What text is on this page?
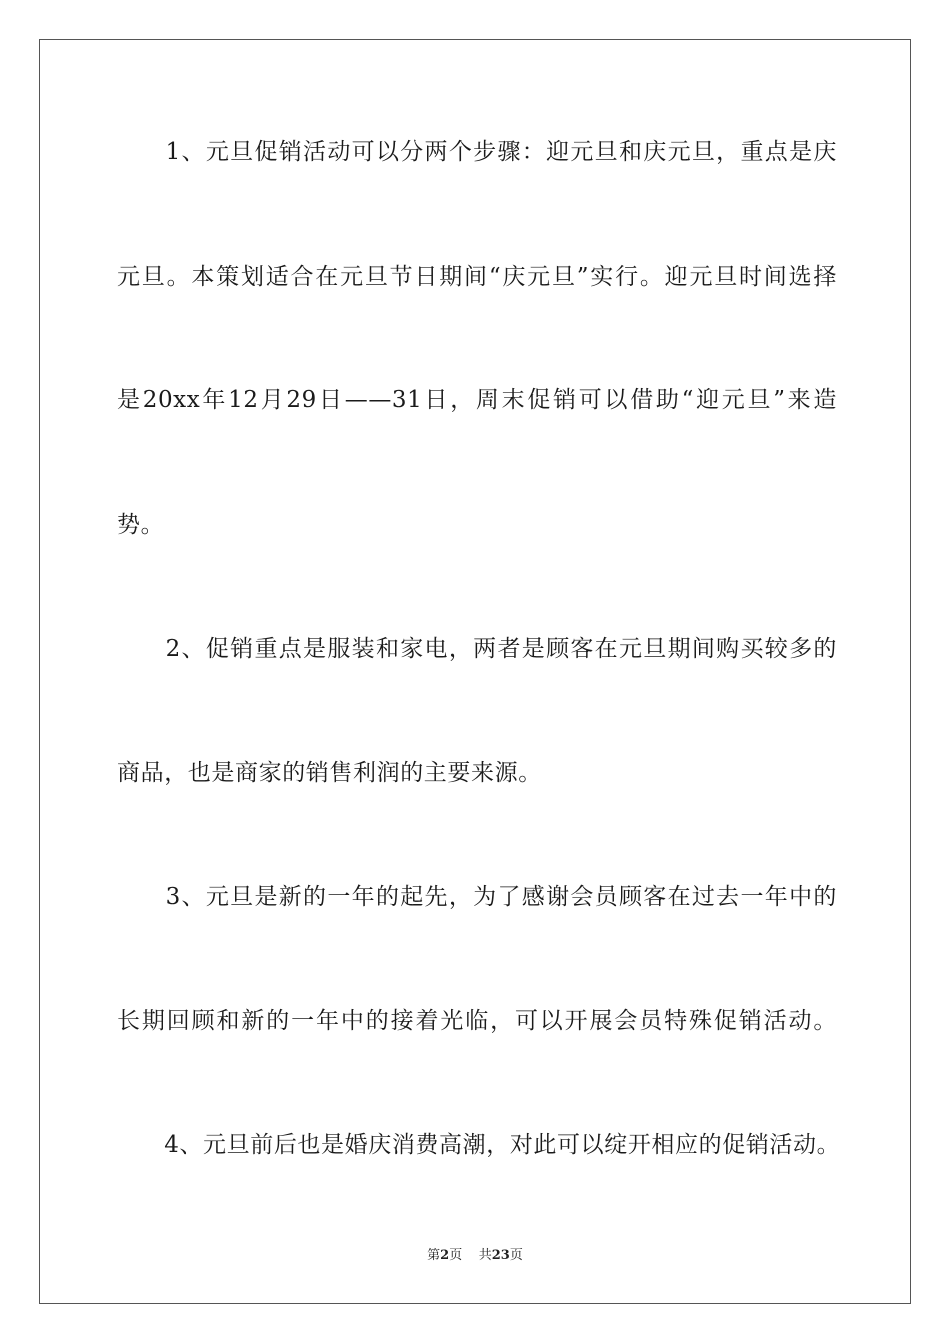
　　1、元旦促销活动可以分两个步骤：迎元旦和庆元旦，重点是庆
元旦。本策划适合在元旦节日期间“庆元旦”实行。迎元旦时间选择
是20xx年12月29日——31日，周末促销可以借助“迎元旦”来造
势。
　　2、促销重点是服装和家电，两者是顾客在元旦期间购买较多的
商品，也是商家的销售利润的主要来源。
　　3、元旦是新的一年的起先，为了感谢会员顾客在过去一年中的
长期回顾和新的一年中的接着光临，可以开展会员特殊促销活动。
　　4、元旦前后也是婚庆消费高潮，对此可以绽开相应的促销活动。
第2页 共23页
